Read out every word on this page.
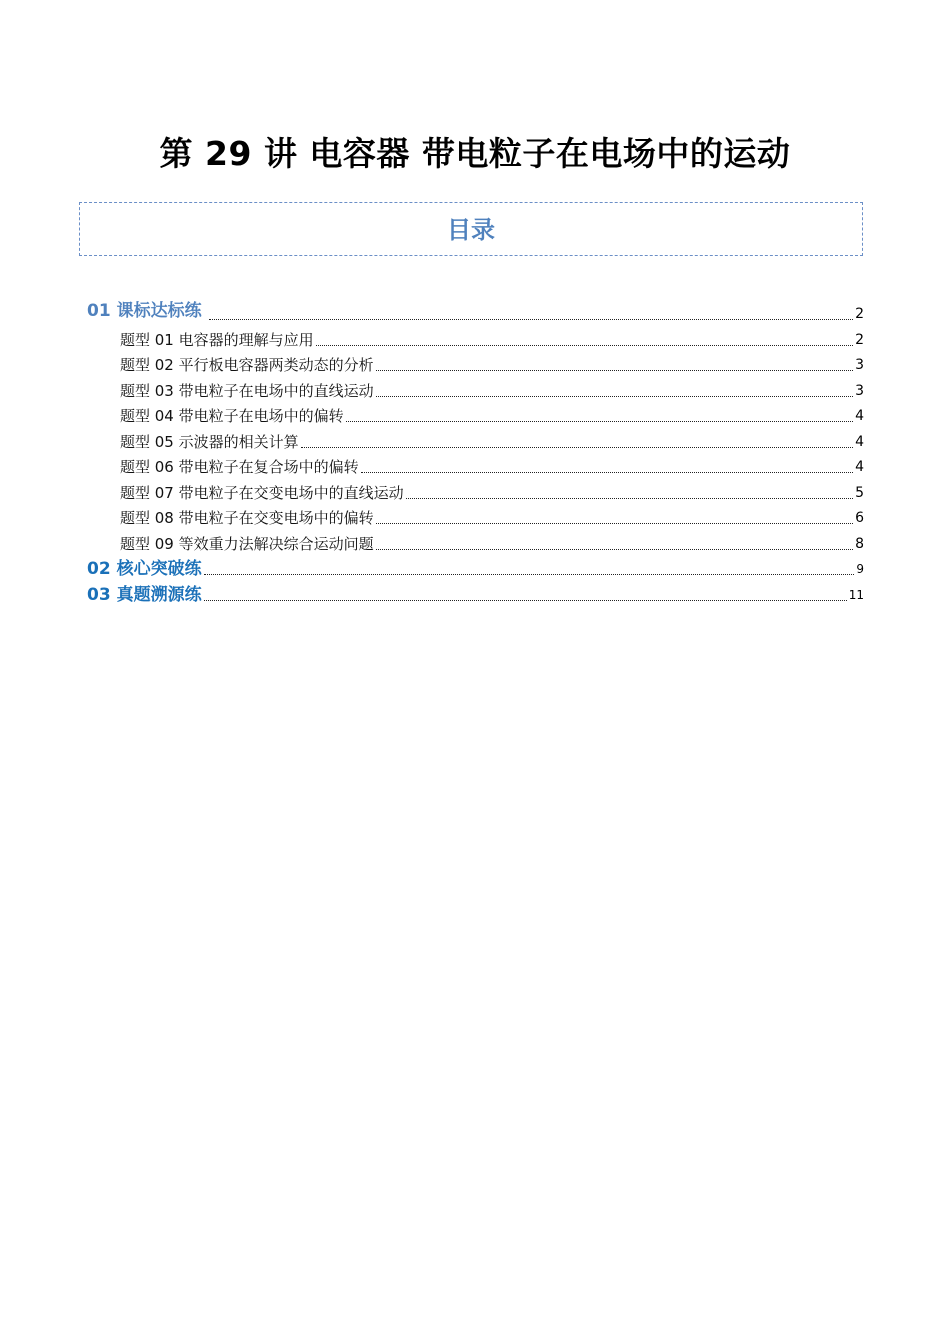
第 29 讲 电容器 带电粒子在电场中的运动
目录
01 课标达标练	2
题型 01 电容器的理解与应用	2
题型 02 平行板电容器两类动态的分析	3
题型 03 带电粒子在电场中的直线运动	3
题型 04 带电粒子在电场中的偏转	4
题型 05 示波器的相关计算	4
题型 06 带电粒子在复合场中的偏转	4
题型 07 带电粒子在交变电场中的直线运动	5
题型 08 带电粒子在交变电场中的偏转	6
题型 09 等效重力法解决综合运动问题	8
02 核心突破练	9
03 真题溯源练	11
